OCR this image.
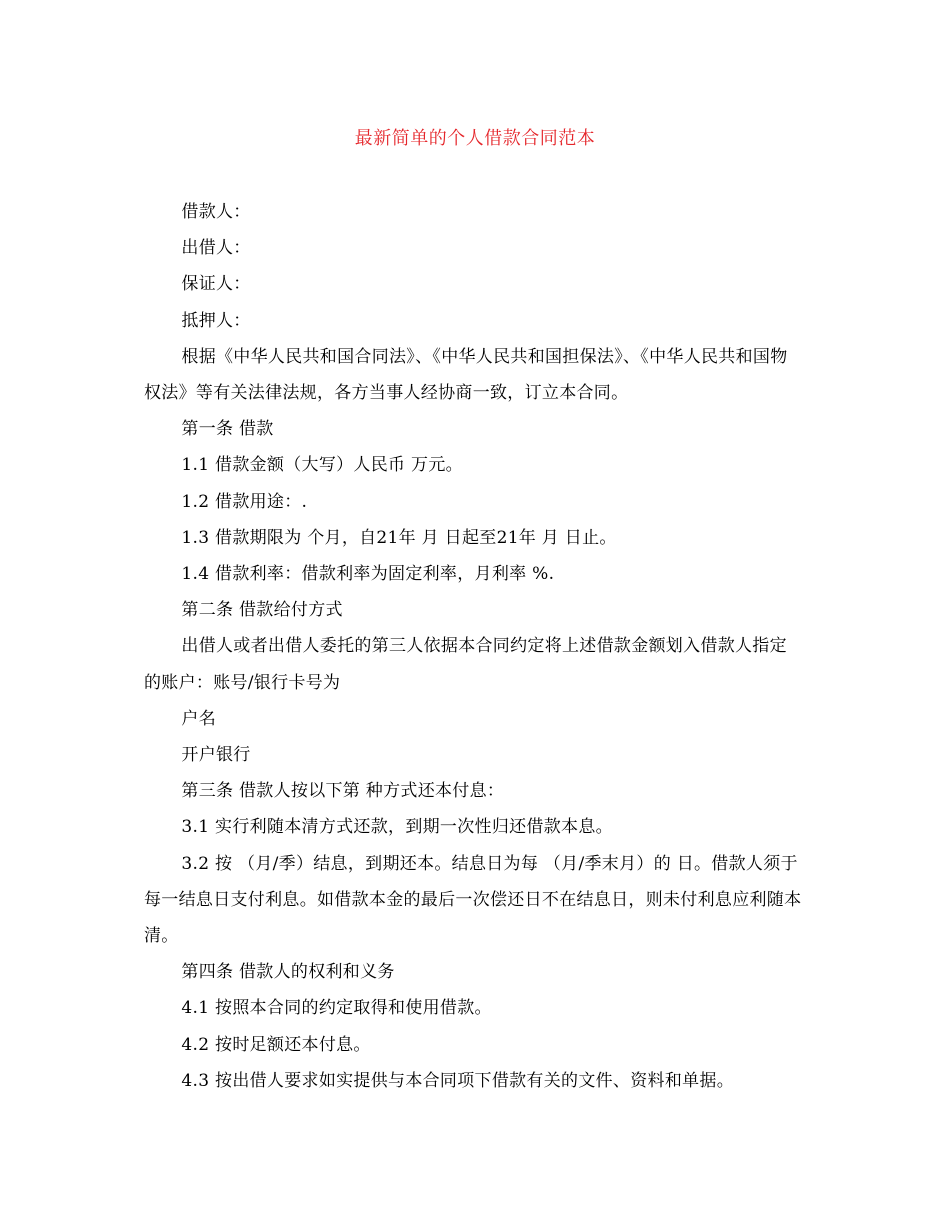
最新简单的个人借款合同范本

借款人：

出借人：

保证人：

抵押人：

根据《中华人民共和国合同法》、《中华人民共和国担保法》、《中华人民共和国物权法》等有关法律法规，各方当事人经协商一致，订立本合同。

第一条 借款

1.1 借款金额（大写）人民币 万元。

1.2 借款用途：.

1.3 借款期限为 个月，自21年 月 日起至21年 月 日止。

1.4 借款利率：借款利率为固定利率，月利率 %.

第二条 借款给付方式

出借人或者出借人委托的第三人依据本合同约定将上述借款金额划入借款人指定的账户：账号/银行卡号为

户名

开户银行

第三条 借款人按以下第 种方式还本付息：

3.1 实行利随本清方式还款，到期一次性归还借款本息。

3.2 按 （月/季）结息，到期还本。结息日为每 （月/季末月）的 日。借款人须于每一结息日支付利息。如借款本金的最后一次偿还日不在结息日，则未付利息应利随本清。

第四条 借款人的权利和义务

4.1 按照本合同的约定取得和使用借款。

4.2 按时足额还本付息。

4.3 按出借人要求如实提供与本合同项下借款有关的文件、资料和单据。
